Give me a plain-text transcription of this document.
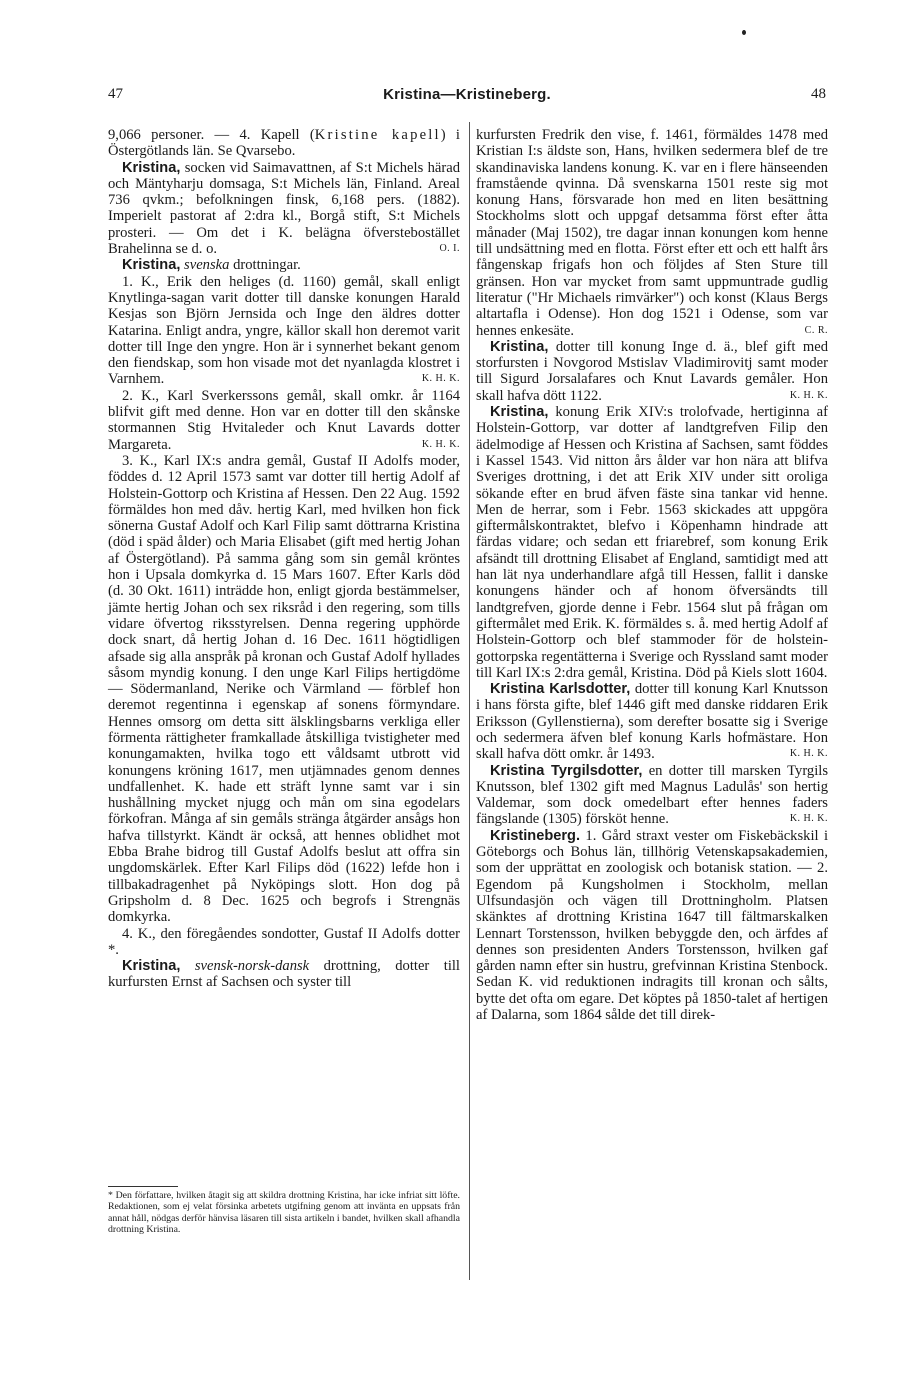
47	Kristina—Kristineberg.	48

9,066 personer. — 4. Kapell (Kristine kapell) i Östergötlands län. Se Qvarsebo.

Kristina, socken vid Saimavattnen, af S:t Michels härad och Mäntyharju domsaga, S:t Michels län, Finland. Areal 736 qvkm.; befolkningen finsk, 6,168 pers. (1882). Imperielt pastorat af 2:dra kl., Borgå stift, S:t Michels prosteri. — Om det i K. belägna öfverstebostället Brahelinna se d. o.	O. I.

Kristina, svenska drottningar.

1. K., Erik den heliges (d. 1160) gemål, skall enligt Knytlinga-sagan varit dotter till danske konungen Harald Kesjas son Björn Jernsida och Inge den äldres dotter Katarina. Enligt andra, yngre, källor skall hon deremot varit dotter till Inge den yngre. Hon är i synnerhet bekant genom den fiendskap, som hon visade mot det nyanlagda klostret i Varnhem.	K. H. K.

2. K., Karl Sverkerssons gemål, skall omkr. år 1164 blifvit gift med denne. Hon var en dotter till den skånske stormannen Stig Hvitaleder och Knut Lavards dotter Margareta.	K. H. K.

3. K., Karl IX:s andra gemål, Gustaf II Adolfs moder, föddes d. 12 April 1573 samt var dotter till hertig Adolf af Holstein-Gottorp och Kristina af Hessen. Den 22 Aug. 1592 förmäldes hon med dåv. hertig Karl, med hvilken hon fick sönerna Gustaf Adolf och Karl Filip samt döttrarna Kristina (död i späd ålder) och Maria Elisabet (gift med hertig Johan af Östergötland). På samma gång som sin gemål kröntes hon i Upsala domkyrka d. 15 Mars 1607. Efter Karls död (d. 30 Okt. 1611) inträdde hon, enligt gjorda bestämmelser, jämte hertig Johan och sex riksråd i den regering, som tills vidare öfvertog riksstyrelsen. Denna regering upphörde dock snart, då hertig Johan d. 16 Dec. 1611 högtidligen afsade sig alla anspråk på kronan och Gustaf Adolf hyllades såsom myndig konung. I den unge Karl Filips hertigdöme — Södermanland, Nerike och Värmland — förblef hon deremot regentinna i egenskap af sonens förmyndare. Hennes omsorg om detta sitt älsklingsbarns verkliga eller förmenta rättigheter framkallade åtskilliga tvistigheter med konungamakten, hvilka togo ett våldsamt utbrott vid konungens kröning 1617, men utjämnades genom dennes undfallenhet. K. hade ett sträft lynne samt var i sin hushållning mycket njugg och mån om sina egodelars förkofran. Många af sin gemåls stränga åtgärder ansågs hon hafva tillstyrkt. Kändt är också, att hennes oblidhet mot Ebba Brahe bidrog till Gustaf Adolfs beslut att offra sin ungdomskärlek. Efter Karl Filips död (1622) lefde hon i tillbakadragenhet på Nyköpings slott. Hon dog på Gripsholm d. 8 Dec. 1625 och begrofs i Strengnäs domkyrka.

4. K., den föregåendes sondotter, Gustaf II Adolfs dotter *.

Kristina, svensk-norsk-dansk drottning, dotter till kurfursten Ernst af Sachsen och syster till

* Den författare, hvilken åtagit sig att skildra drottning Kristina, har icke infriat sitt löfte. Redaktionen, som ej velat försinka arbetets utgifning genom att invänta en uppsats från annat håll, nödgas derför hänvisa läsaren till sista artikeln i bandet, hvilken skall afhandla drottning Kristina.

kurfursten Fredrik den vise, f. 1461, förmäldes 1478 med Kristian I:s äldste son, Hans, hvilken sedermera blef de tre skandinaviska landens konung. K. var en i flere hänseenden framstående qvinna. Då svenskarna 1501 reste sig mot konung Hans, försvarade hon med en liten besättning Stockholms slott och uppgaf detsamma först efter åtta månader (Maj 1502), tre dagar innan konungen kom henne till undsättning med en flotta. Först efter ett och ett halft års fångenskap frigafs hon och följdes af Sten Sture till gränsen. Hon var mycket from samt uppmuntrade gudlig literatur ("Hr Michaels rimvärker") och konst (Klaus Bergs altartafla i Odense). Hon dog 1521 i Odense, som var hennes enkesäte.	C. R.

Kristina, dotter till konung Inge d. ä., blef gift med storfursten i Novgorod Mstislav Vladimirovitj samt moder till Sigurd Jorsalafares och Knut Lavards gemåler. Hon skall hafva dött 1122.	K. H. K.

Kristina, konung Erik XIV:s trolofvade, hertiginna af Holstein-Gottorp, var dotter af landtgrefven Filip den ädelmodige af Hessen och Kristina af Sachsen, samt föddes i Kassel 1543. Vid nitton års ålder var hon nära att blifva Sveriges drottning, i det att Erik XIV under sitt oroliga sökande efter en brud äfven fäste sina tankar vid henne. Men de herrar, som i Febr. 1563 skickades att uppgöra giftermålskontraktet, blefvo i Köpenhamn hindrade att färdas vidare; och sedan ett friarebref, som konung Erik afsändt till drottning Elisabet af England, samtidigt med att han lät nya underhandlare afgå till Hessen, fallit i danske konungens händer och af honom öfversändts till landtgrefven, gjorde denne i Febr. 1564 slut på frågan om giftermålet med Erik. K. förmäldes s. å. med hertig Adolf af Holstein-Gottorp och blef stammoder för de holstein-gottorpska regentätterna i Sverige och Ryssland samt moder till Karl IX:s 2:dra gemål, Kristina. Död på Kiels slott 1604.

Kristina Karlsdotter, dotter till konung Karl Knutsson i hans första gifte, blef 1446 gift med danske riddaren Erik Eriksson (Gyllenstierna), som derefter bosatte sig i Sverige och sedermera äfven blef konung Karls hofmästare. Hon skall hafva dött omkr. år 1493.	K. H. K.

Kristina Tyrgilsdotter, en dotter till marsken Tyrgils Knutsson, blef 1302 gift med Magnus Ladulås' son hertig Valdemar, som dock omedelbart efter hennes faders fängslande (1305) försköt henne.	K. H. K.

Kristineberg. 1. Gård straxt vester om Fiskebäckskil i Göteborgs och Bohus län, tillhörig Vetenskapsakademien, som der upprättat en zoologisk och botanisk station. — 2. Egendom på Kungsholmen i Stockholm, mellan Ulfsundasjön och vägen till Drottningholm. Platsen skänktes af drottning Kristina 1647 till fältmarskalken Lennart Torstensson, hvilken bebyggde den, och ärfdes af dennes son presidenten Anders Torstensson, hvilken gaf gården namn efter sin hustru, grefvinnan Kristina Stenbock. Sedan K. vid reduktionen indragits till kronan och sålts, bytte det ofta om egare. Det köptes på 1850-talet af hertigen af Dalarna, som 1864 sålde det till direk-
